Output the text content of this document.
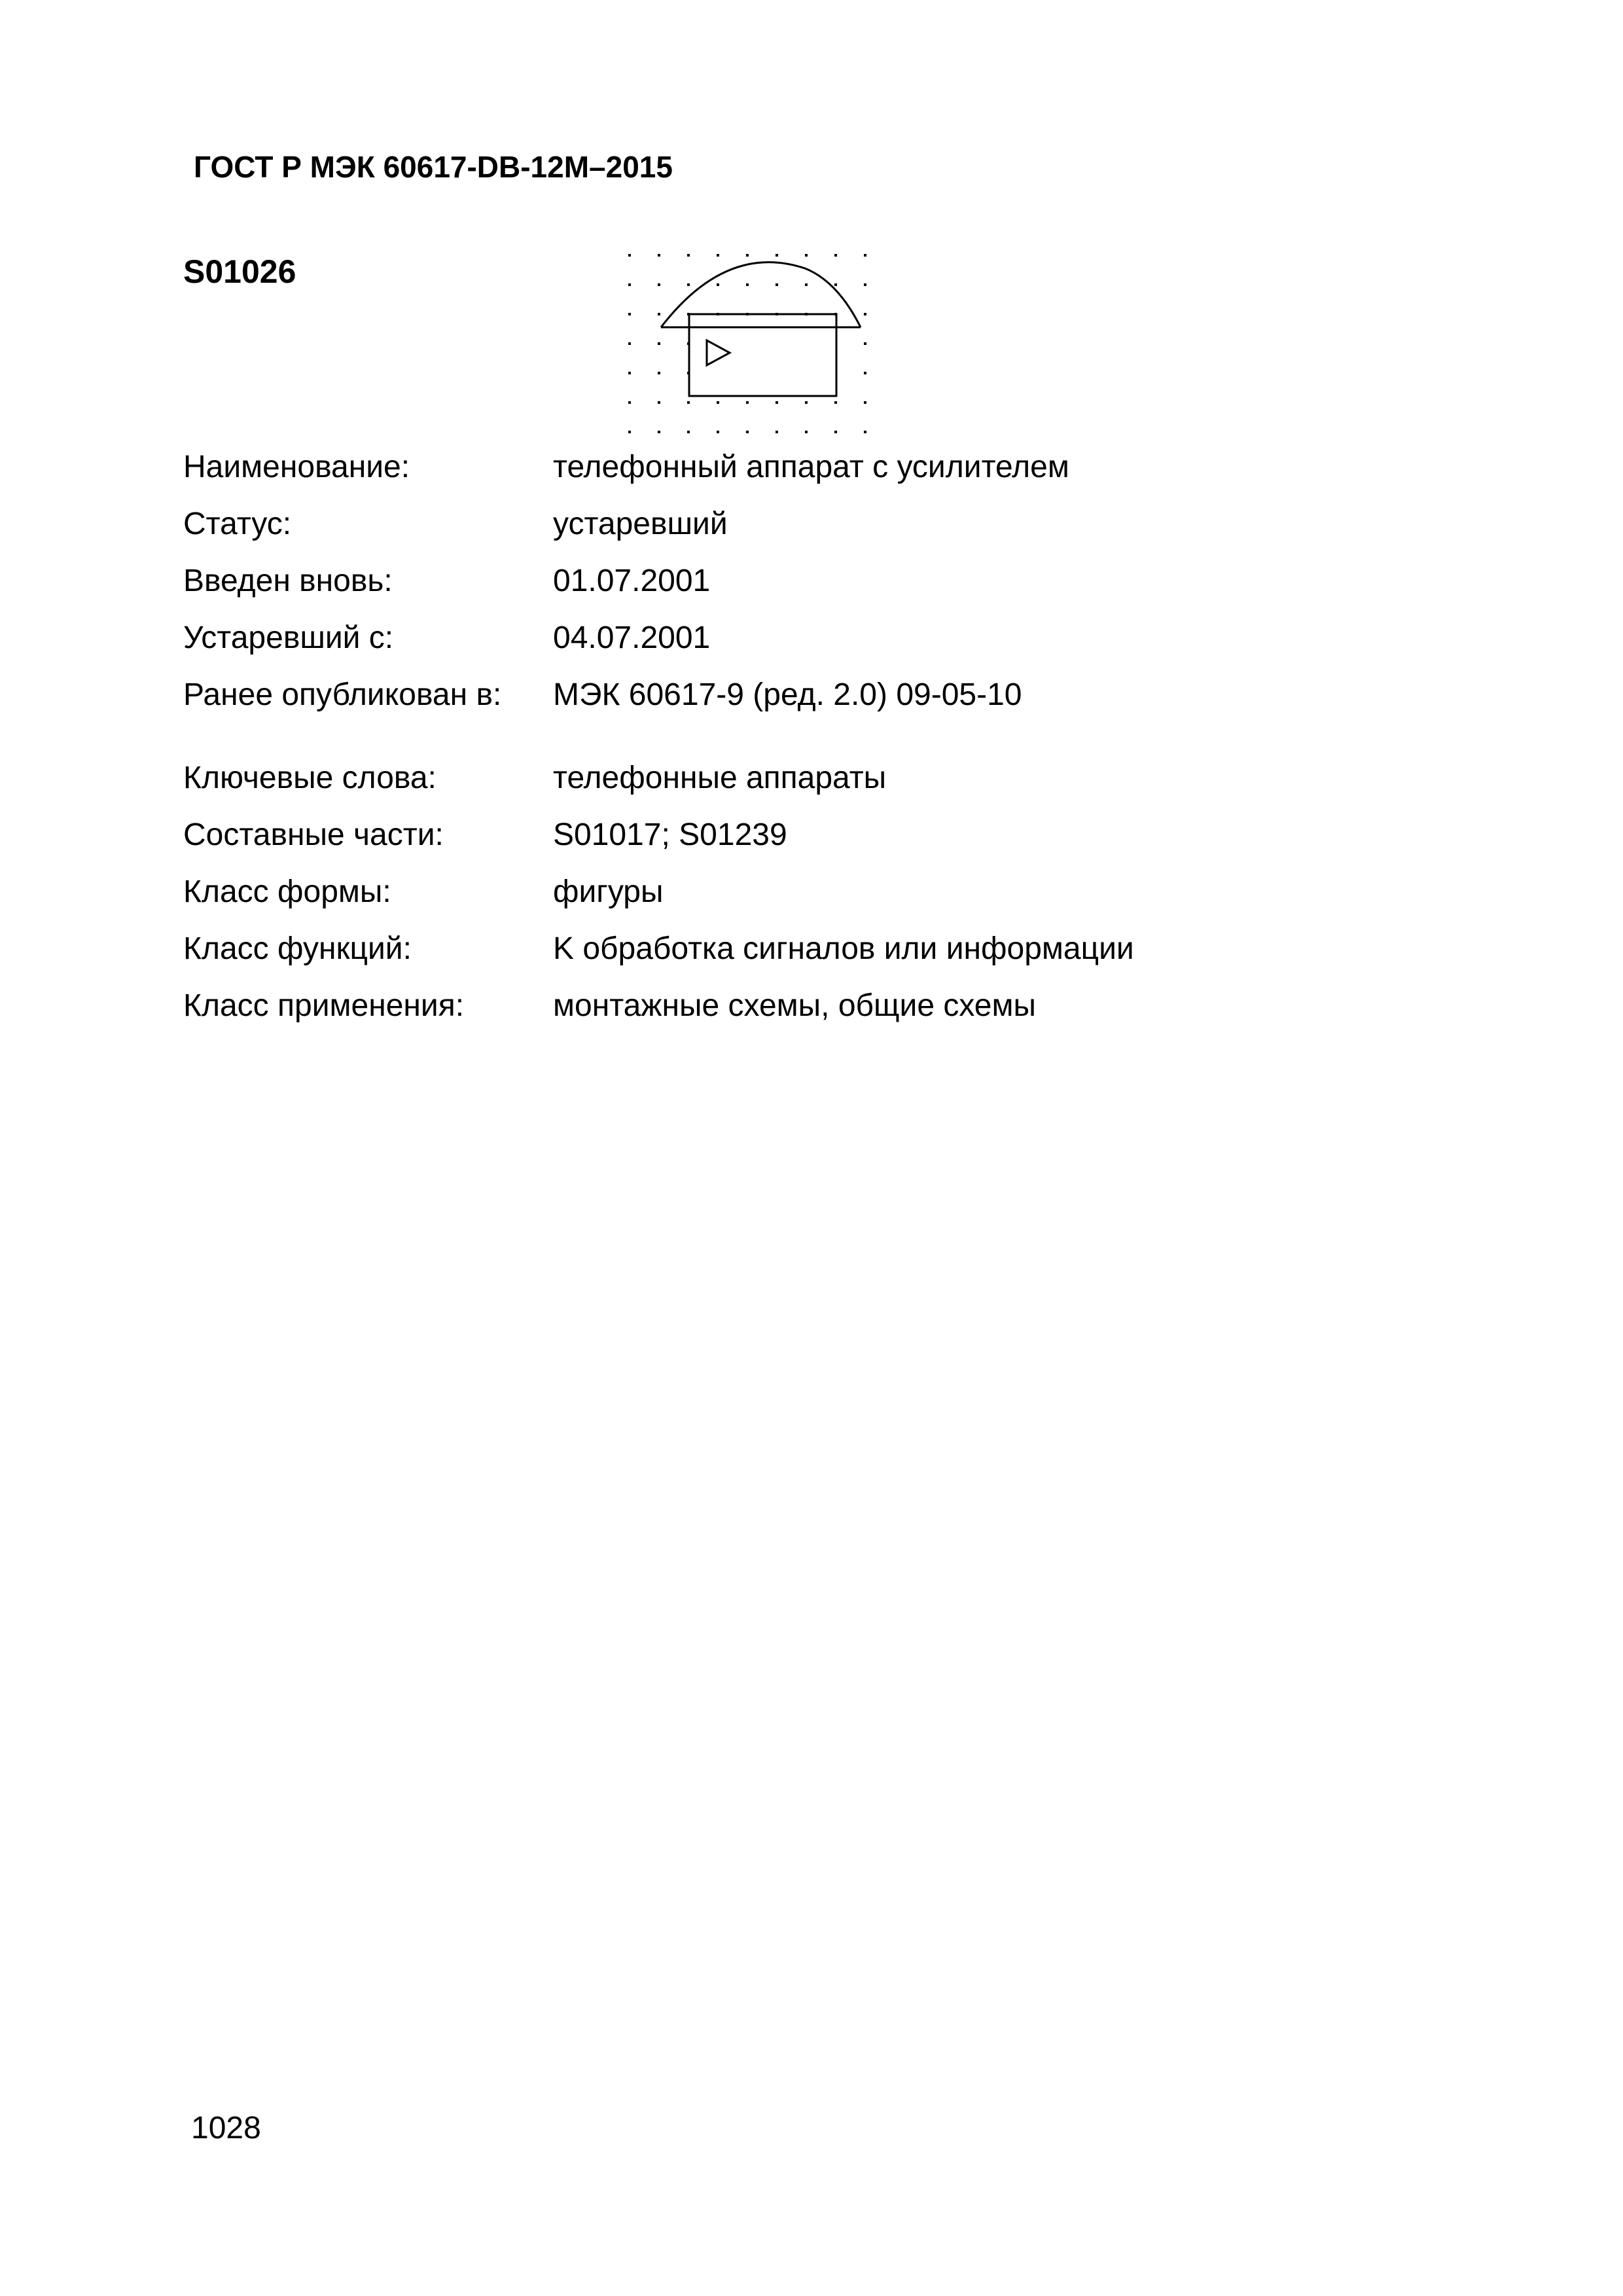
ГОСТ Р МЭК 60617-DB-12M–2015
S01026
Наименование:	телефонный аппарат с усилителем
Статус:	устаревший
Введен вновь:	01.07.2001
Устаревший с:	04.07.2001
Ранее опубликован в: МЭК 60617-9 (ред. 2.0) 09-05-10
Ключевые слова:	телефонные аппараты
Составные части:	S01017; S01239
Класс формы:	фигуры
Класс функций:	K обработка сигналов или информации
Класс применения:	монтажные схемы, общие схемы
1028
